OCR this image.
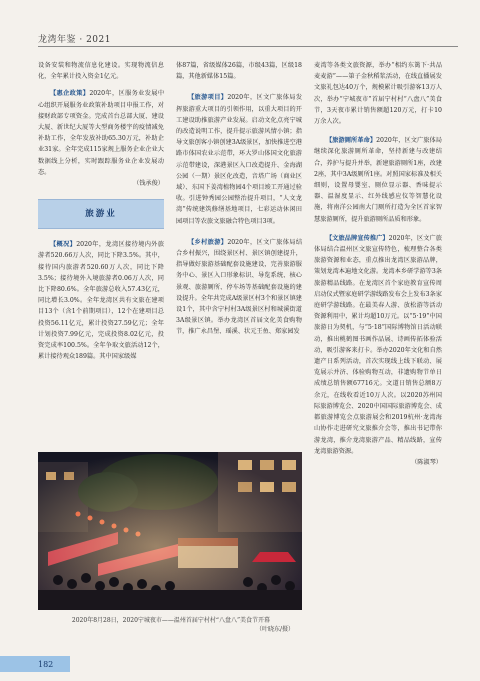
龙湾年鉴 · 2021

设备安装和物流信息化建设。实现物流信息化，全年累计投入资金1亿元。

【惠企政策】2020年，区服务业发展中心组织开展服务业政策补助项目申报工作，对接财政部专项资金。完成首台总部大厦、建设大厦、新世纪大厦等大型商务楼宇的疫情减免补助工作，全年发放补助65.30万元，补助企业31家。全年完成115家规上服务企业企业大数据线上分析，实时跟踪服务业企业发展动态。

（钱承俊）

旅游业

【概况】2020年，龙湾区接待境内外旅游者520.66万人次，同比下降3.5%。其中，接待国内旅游者520.60万人次，同比下降3.5%；接待境外入境旅游者0.06万人次，同比下降80.6%。全年旅游总收入57.43亿元，同比增长3.0%。全年龙湾区共有文旅在建项目13个（含1个前期项目），12个在建项目总投资56.11亿元，累计投资27.59亿元；全年计划投资7.99亿元，完成投资8.02亿元，投资完成率100.5%。全年争取文旅活动12个，累计接待观众189篇。其中国家级媒

体87篇，省级媒体26篇，市级43篇，区级18篇，其他新媒体15篇。

【旅游项目】2020年，区文广旅体局发挥旅游重大项目的引领作用，以重大项目的开工建设助推旅游产业发展。启动文化点亮宁城的改造说明工作，提升提示旅游风情小镇；指导文旅创客小镇创建3A级景区，加快推进空港路市体国农业示范带，环大罗山体国文化旅游示范带建设，深港景区入口改造提升、金海湖公园（一期）景区化改造，音塔广场（商业区域）、东国下姜湾植物园4个项目竣工开通过验收。引进钟秀园公园整治提升项目，“人文龙湾”传统建筑修缮基地项目，七彩运动休闲田园项目等农旅文旅融合特色项目3项。

【乡村旅游】2020年，区文广旅体局结合乡村振兴，围绕景区村、景区镇创建提升，指导做好旅游基础配套设施建设，完善旅游服务中心、景区入口形象标识、导览系统、核心景观、旅游厕所、停车场等基础配套设施的建设提升。全年共完成A级景区村3个和景区镇建设1个，其中含宁村村3A级景区村和城溪街道3A级景区镇。举办龙湾区首届文化美食购物节，推广永昌堡、瑶溪、状元王鱼、郑家园发

麦湾等各类文旅资源，举办“相约东篱下·共品麦麦游”——第子金秋稻浆活动，在线直播展发文旅礼包达40万个，规模累计吸引游客13万人次，举办“宁城夜市”首届宁村村“八盘八”美食节，3天夜市累计销售额超120万元，打卡10万余人次。

【旅游厕所革命】2020年，区文广旅体局继续深化旅游厕所革命，坚持新建与改建结合，养护与提升并举，新建旅游厕所1座，改建2座，其中3A级厕所1座。对照国家标准及相关细则，设置母婴室、厕位显示器、香味提示器、温湿度显示、红外线感应仪等智慧化设施，将南洋公园南大门厕所打造为全区首家智慧旅游厕所，提升旅游厕所品质和形象。

【文旅品牌宣传推广】2020年，区文广旅体局结合温州区文旅宣传特色，梳理整合各类旅游资源和业态，重点推出龙湾区旅游品牌，策划龙湾本遍地文化游。龙湾本乡研学游等3条旅游精品线路。在龙湾区首个家庭教育宣传周启动仪式暨家庭研学游线路发布会上发布3条家庭研学游线路。在最美春人游、放松游等活动资源利用中，累计均超10万元。以“5·19”中国旅游日为契机，与“5·18”国际博物馆日活动联动，推出桃鹤图书画作品展、诗画传拓体验活动，吸引游客来打卡。举办2020年文化和自然遗产日系列活动，首次实现线上线下联动、展览展示并济、体验购物互动，非遗购物节单日成绩总销售额67716元。文道日销售总额8万余元，在线收看近10万人次。以2020苏州国际旅游博览会、2020中国国际旅游博览会、成都旅游博览会点旅游展会和2019杭州·龙湾海山协作走进研究文旅推介会等，推出书记带你游龙湾，推介龙湾旅游产品、精品线路，宣传龙湾旅游资源。

（陈淑琴）

2020年8月28日，2020宁城夜市——温州首届宁村村“八盘八”美食节开幕
（叶晓东/摄）
182
